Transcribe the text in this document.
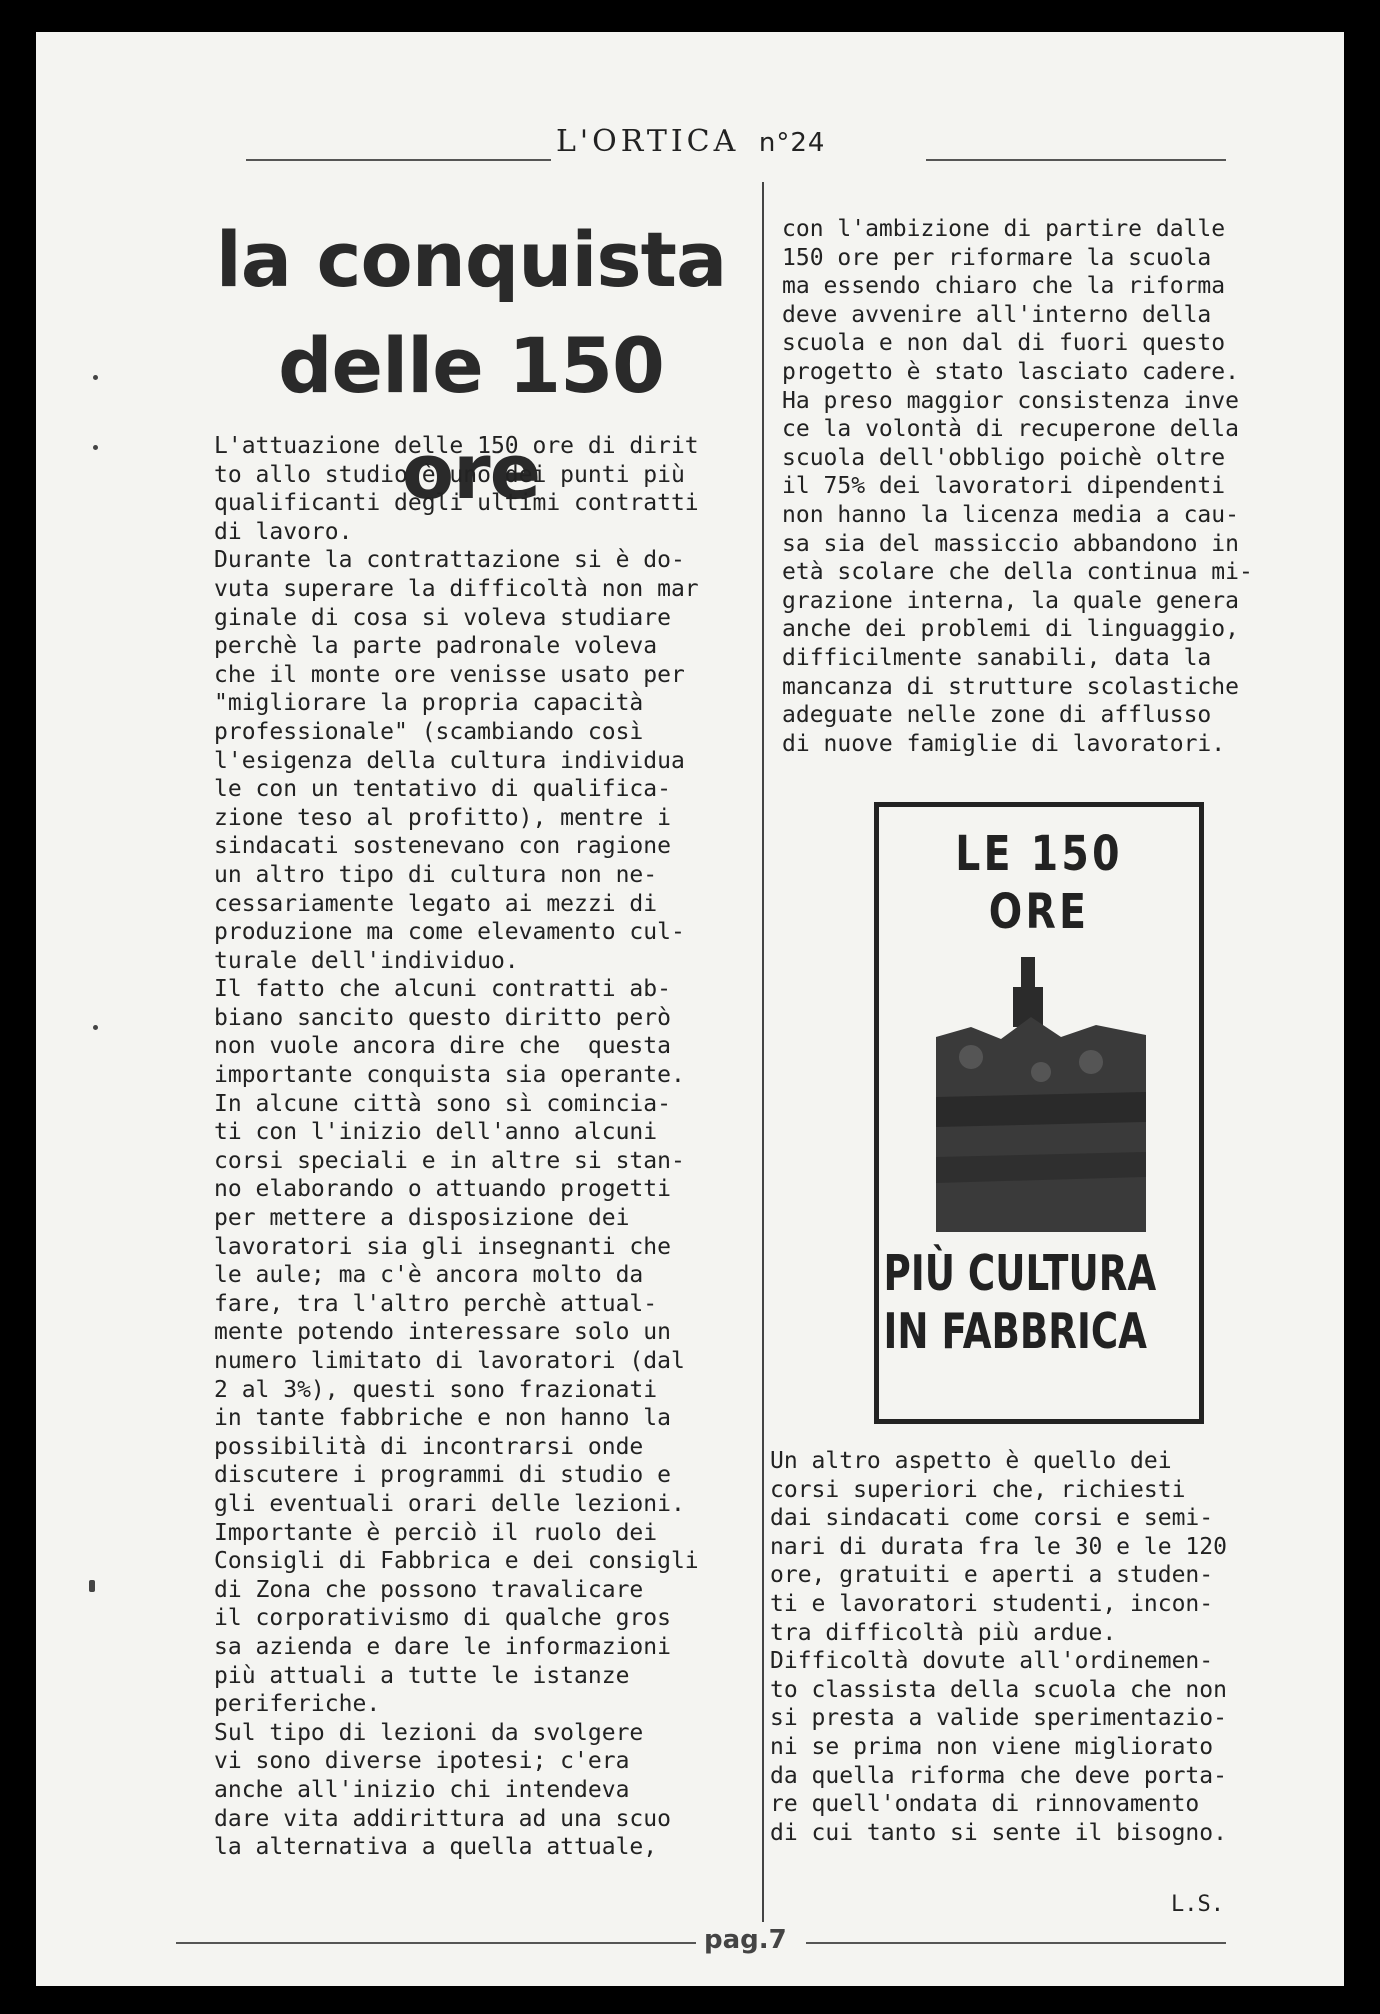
L'ORTICA n°24
la conquista
delle 150 ore
L'attuazione delle 150 ore di dirit
to allo studio è uno dei punti più
qualificanti degli ultimi contratti
di lavoro.
Durante la contrattazione si è do-
vuta superare la difficoltà non mar
ginale di cosa si voleva studiare
perchè la parte padronale voleva
che il monte ore venisse usato per
"migliorare la propria capacità
professionale" (scambiando così
l'esigenza della cultura individua
le con un tentativo di qualifica-
zione teso al profitto), mentre i
sindacati sostenevano con ragione
un altro tipo di cultura non ne-
cessariamente legato ai mezzi di
produzione ma come elevamento cul-
turale dell'individuo.
Il fatto che alcuni contratti ab-
biano sancito questo diritto però
non vuole ancora dire che  questa
importante conquista sia operante.
In alcune città sono sì comincia-
ti con l'inizio dell'anno alcuni
corsi speciali e in altre si stan-
no elaborando o attuando progetti
per mettere a disposizione dei
lavoratori sia gli insegnanti che
le aule; ma c'è ancora molto da
fare, tra l'altro perchè attual-
mente potendo interessare solo un
numero limitato di lavoratori (dal
2 al 3%), questi sono frazionati
in tante fabbriche e non hanno la
possibilità di incontrarsi onde
discutere i programmi di studio e
gli eventuali orari delle lezioni.
Importante è perciò il ruolo dei
Consigli di Fabbrica e dei consigli
di Zona che possono travalicare
il corporativismo di qualche gros
sa azienda e dare le informazioni
più attuali a tutte le istanze
periferiche.
Sul tipo di lezioni da svolgere
vi sono diverse ipotesi; c'era
anche all'inizio chi intendeva
dare vita addirittura ad una scuo
la alternativa a quella attuale,
con l'ambizione di partire dalle
150 ore per riformare la scuola
ma essendo chiaro che la riforma
deve avvenire all'interno della
scuola e non dal di fuori questo
progetto è stato lasciato cadere.
Ha preso maggior consistenza inve
ce la volontà di recuperone della
scuola dell'obbligo poichè oltre
il 75% dei lavoratori dipendenti
non hanno la licenza media a cau-
sa sia del massiccio abbandono in
età scolare che della continua mi-
grazione interna, la quale genera
anche dei problemi di linguaggio,
difficilmente sanabili, data la
mancanza di strutture scolastiche
adeguate nelle zone di afflusso
di nuove famiglie di lavoratori.
LE 150
ORE
PIÙ CULTURA
IN FABBRICA
Un altro aspetto è quello dei
corsi superiori che, richiesti
dai sindacati come corsi e semi-
nari di durata fra le 30 e le 120
ore, gratuiti e aperti a studen-
ti e lavoratori studenti, incon-
tra difficoltà più ardue.
Difficoltà dovute all'ordinemen-
to classista della scuola che non
si presta a valide sperimentazio-
ni se prima non viene migliorato
da quella riforma che deve porta-
re quell'ondata di rinnovamento
di cui tanto si sente il bisogno.
L.S.
pag.7
